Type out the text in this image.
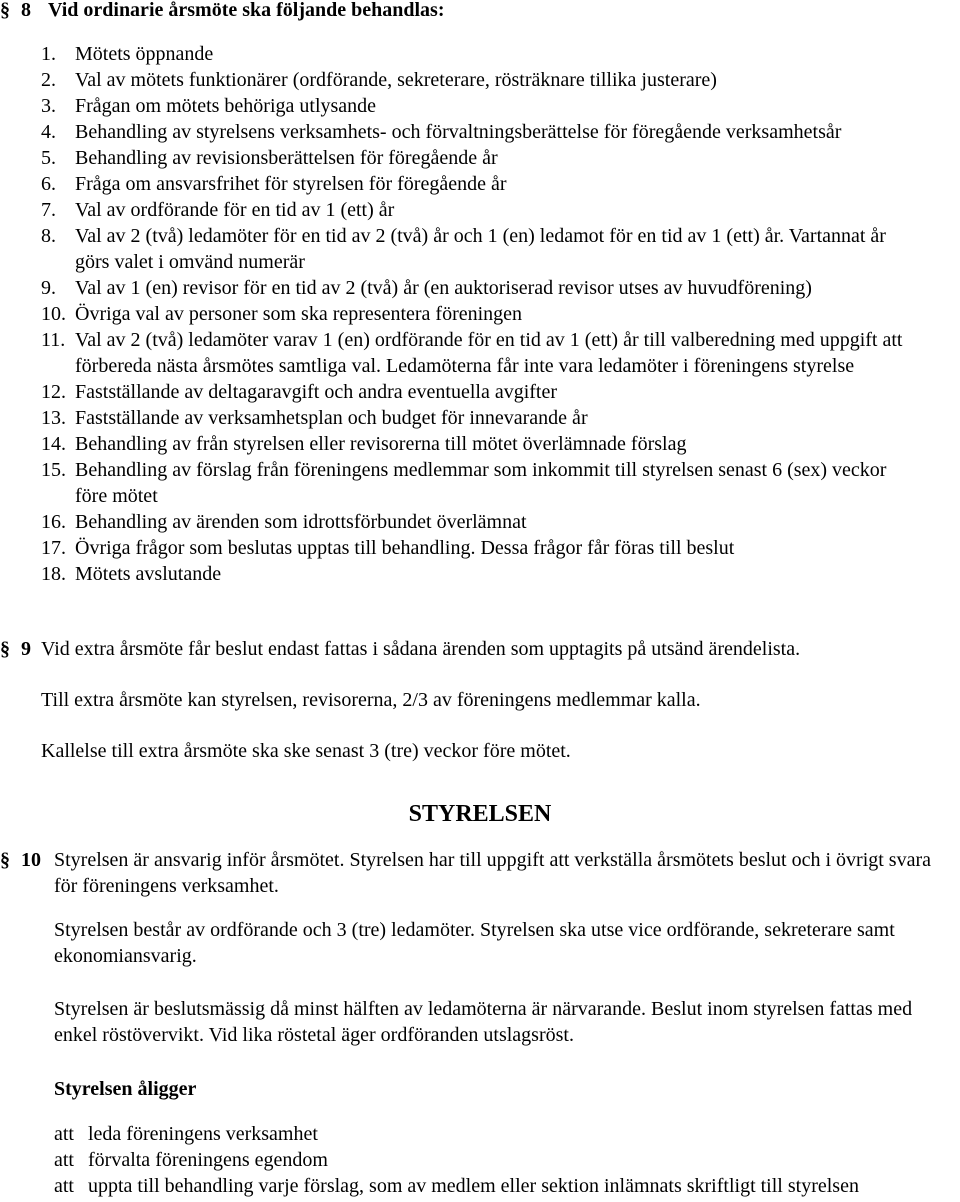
§ 8 Vid ordinarie årsmöte ska följande behandlas:
1. Mötets öppnande
2. Val av mötets funktionärer (ordförande, sekreterare, rösträknare tillika justerare)
3. Frågan om mötets behöriga utlysande
4. Behandling av styrelsens verksamhets- och förvaltningsberättelse för föregående verksamhetsår
5. Behandling av revisionsberättelsen för föregående år
6. Fråga om ansvarsfrihet för styrelsen för föregående år
7. Val av ordförande för en tid av 1 (ett) år
8. Val av 2 (två) ledamöter för en tid av 2 (två) år och 1 (en) ledamot för en tid av 1 (ett) år. Vartannat år görs valet i omvänd numerär
9. Val av 1 (en) revisor för en tid av 2 (två) år (en auktoriserad revisor utses av huvudförening)
10. Övriga val av personer som ska representera föreningen
11. Val av 2 (två) ledamöter varav 1 (en) ordförande för en tid av 1 (ett) år till valberedning med uppgift att förbereda nästa årsmötes samtliga val. Ledamöterna får inte vara ledamöter i föreningens styrelse
12. Fastställande av deltagaravgift och andra eventuella avgifter
13. Fastställande av verksamhetsplan och budget för innevarande år
14. Behandling av från styrelsen eller revisorerna till mötet överlämnade förslag
15. Behandling av förslag från föreningens medlemmar som inkommit till styrelsen senast 6 (sex) veckor före mötet
16. Behandling av ärenden som idrottsförbundet överlämnat
17. Övriga frågor som beslutas upptas till behandling. Dessa frågor får föras till beslut
18. Mötets avslutande
§ 9 Vid extra årsmöte får beslut endast fattas i sådana ärenden som upptagits på utsänd ärendelista.

Till extra årsmöte kan styrelsen, revisorerna, 2/3 av föreningens medlemmar kalla.

Kallelse till extra årsmöte ska ske senast 3 (tre) veckor före mötet.

STYRELSEN
§ 10 Styrelsen är ansvarig inför årsmötet. Styrelsen har till uppgift att verkställa årsmötets beslut och i övrigt svara för föreningens verksamhet.

Styrelsen består av ordförande och 3 (tre) ledamöter. Styrelsen ska utse vice ordförande, sekreterare samt ekonomiansvarig.

Styrelsen är beslutsmässig då minst hälften av ledamöterna är närvarande. Beslut inom styrelsen fattas med enkel röstövervikt. Vid lika röstetal äger ordföranden utslagsröst.

Styrelsen åligger
att leda föreningens verksamhet
att förvalta föreningens egendom
att uppta till behandling varje förslag, som av medlem eller sektion inlämnats skriftligt till styrelsen
